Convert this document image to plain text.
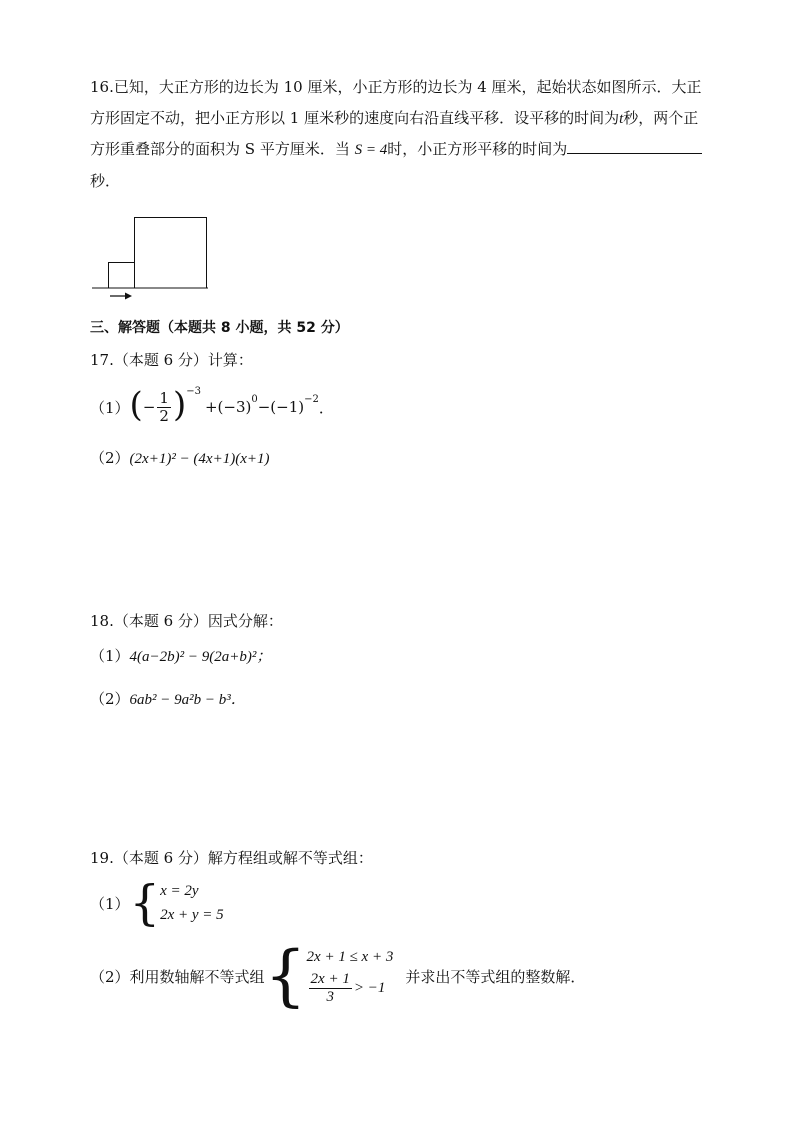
16.已知，大正方形的边长为 10 厘米，小正方形的边长为 4 厘米，起始状态如图所示．大正
方形固定不动，把小正方形以 1 厘米秒的速度向右沿直线平移．设平移的时间为t秒，两个正
方形重叠部分的面积为 S 平方厘米．当 S = 4时，小正方形平移的时间为
秒．
三、解答题（本题共 8 小题，共 52 分）
17.（本题 6 分）计算：
（1） ( − $\frac{1}{2}$ ) −3
+(−3) 0 −(−1) −2 ．
（2）(2x+1)² − (4x+1)(x+1)
18.（本题 6 分）因式分解：
（1）4(a−2b)² − 9(2a+b)²；
（2）6ab² − 9a²b − b³．
19.（本题 6 分）解方程组或解不等式组：
（1） { x = 2y
2x + y = 5
（2）利用数轴解不等式组 { 2x + 1 ≤ x + 3
$\frac{2x + 1}{3} > -1$
并求出不等式组的整数解．
